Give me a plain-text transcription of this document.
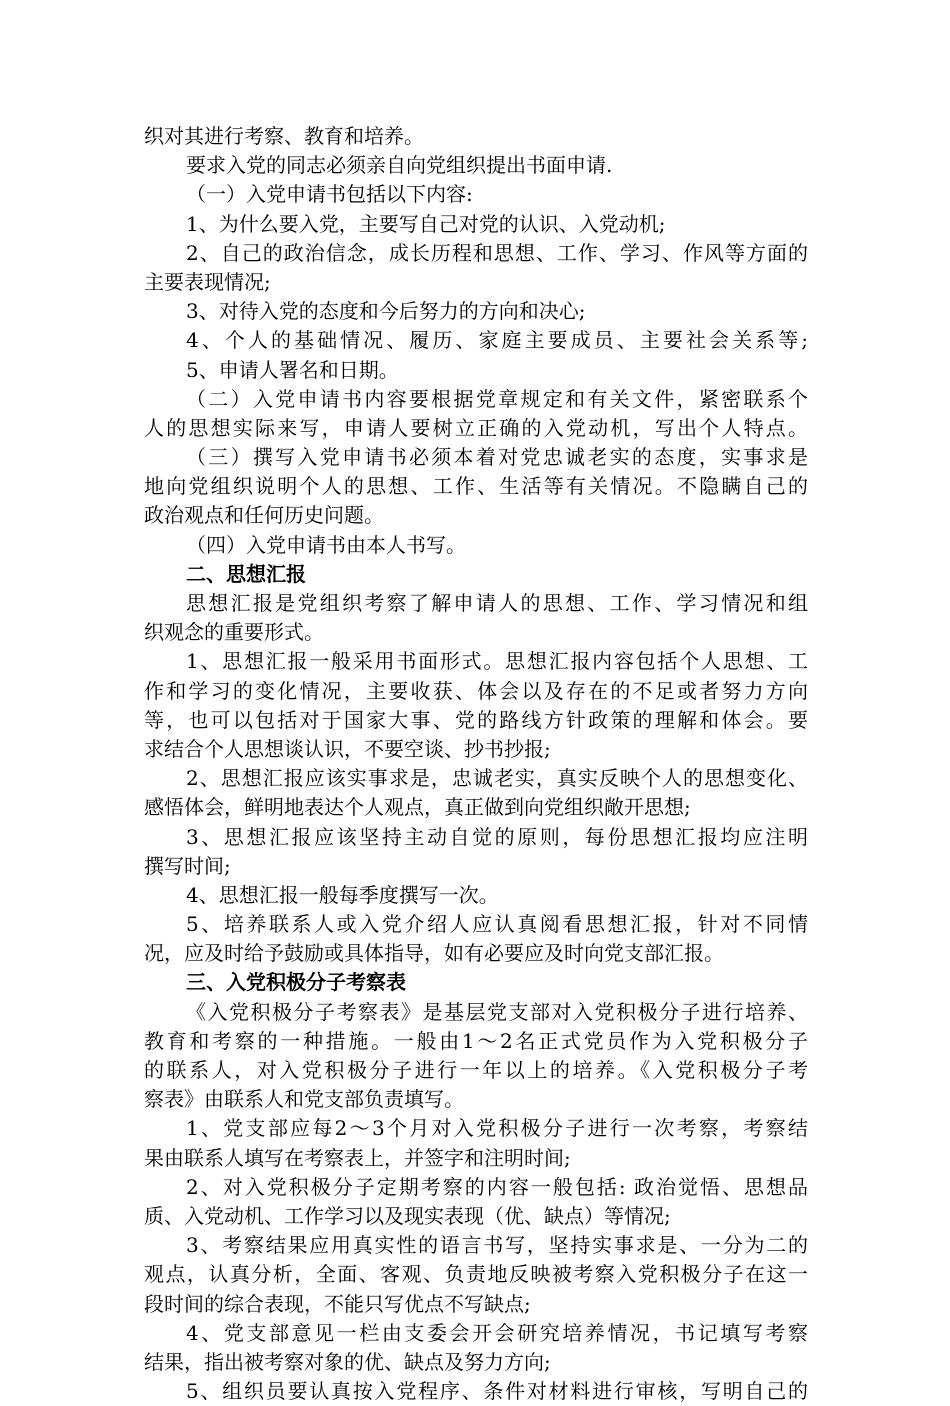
织对其进行考察、教育和培养。
要求入党的同志必须亲自向党组织提出书面申请.
（一）入党申请书包括以下内容:
1、为什么要入党，主要写自己对党的认识、入党动机;
2、自己的政治信念，成长历程和思想、工作、学习、作风等方面的
主要表现情况;
3、对待入党的态度和今后努力的方向和决心;
4、个人的基础情况、履历、家庭主要成员、主要社会关系等;
5、申请人署名和日期。
（二）入党申请书内容要根据党章规定和有关文件，紧密联系个
人的思想实际来写，申请人要树立正确的入党动机，写出个人特点。
（三）撰写入党申请书必须本着对党忠诚老实的态度，实事求是
地向党组织说明个人的思想、工作、生活等有关情况。不隐瞒自己的
政治观点和任何历史问题。
（四）入党申请书由本人书写。
二、思想汇报
思想汇报是党组织考察了解申请人的思想、工作、学习情况和组
织观念的重要形式。
1、思想汇报一般采用书面形式。思想汇报内容包括个人思想、工
作和学习的变化情况，主要收获、体会以及存在的不足或者努力方向
等，也可以包括对于国家大事、党的路线方针政策的理解和体会。要
求结合个人思想谈认识，不要空谈、抄书抄报;
2、思想汇报应该实事求是，忠诚老实，真实反映个人的思想变化、
感悟体会，鲜明地表达个人观点，真正做到向党组织敞开思想;
3、思想汇报应该坚持主动自觉的原则，每份思想汇报均应注明
撰写时间;
4、思想汇报一般每季度撰写一次。
5、培养联系人或入党介绍人应认真阅看思想汇报，针对不同情
况，应及时给予鼓励或具体指导，如有必要应及时向党支部汇报。
三、入党积极分子考察表
《入党积极分子考察表》是基层党支部对入党积极分子进行培养、
教育和考察的一种措施。一般由1～2名正式党员作为入党积极分子
的联系人，对入党积极分子进行一年以上的培养。《入党积极分子考
察表》由联系人和党支部负责填写。
1、党支部应每2～3个月对入党积极分子进行一次考察，考察结
果由联系人填写在考察表上，并签字和注明时间;
2、对入党积极分子定期考察的内容一般包括: 政治觉悟、思想品
质、入党动机、工作学习以及现实表现（优、缺点）等情况;
3、考察结果应用真实性的语言书写，坚持实事求是、一分为二的
观点，认真分析，全面、客观、负责地反映被考察入党积极分子在这一
段时间的综合表现，不能只写优点不写缺点;
4、党支部意见一栏由支委会开会研究培养情况，书记填写考察
结果，指出被考察对象的优、缺点及努力方向;
5、组织员要认真按入党程序、条件对材料进行审核，写明自己的
